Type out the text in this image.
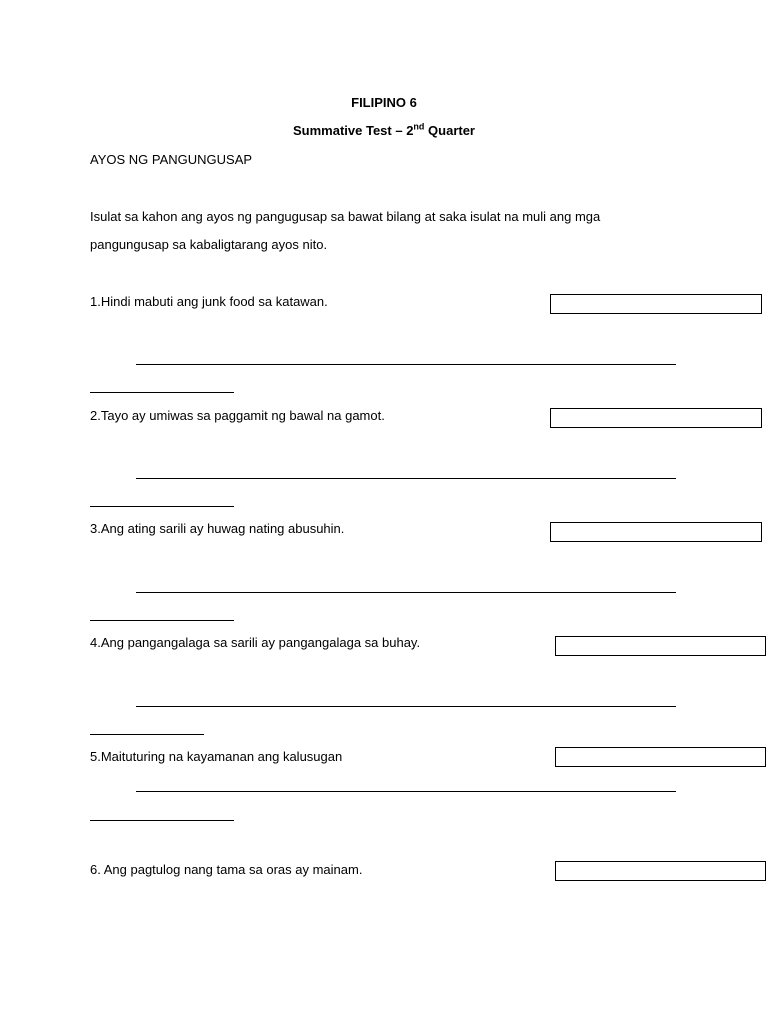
FILIPINO 6
Summative Test – 2nd Quarter
AYOS NG PANGUNGUSAP
Isulat sa kahon ang ayos ng pangugusap sa bawat bilang at saka isulat na muli ang mga
pangungusap sa kabaligtarang ayos nito.
1.Hindi mabuti ang junk food sa katawan.
2.Tayo ay umiwas sa paggamit ng bawal na gamot.
3.Ang ating sarili ay huwag nating abusuhin.
4.Ang pangangalaga sa sarili ay pangangalaga sa buhay.
5.Maituturing na kayamanan ang kalusugan
6. Ang pagtulog nang tama sa oras ay mainam.
